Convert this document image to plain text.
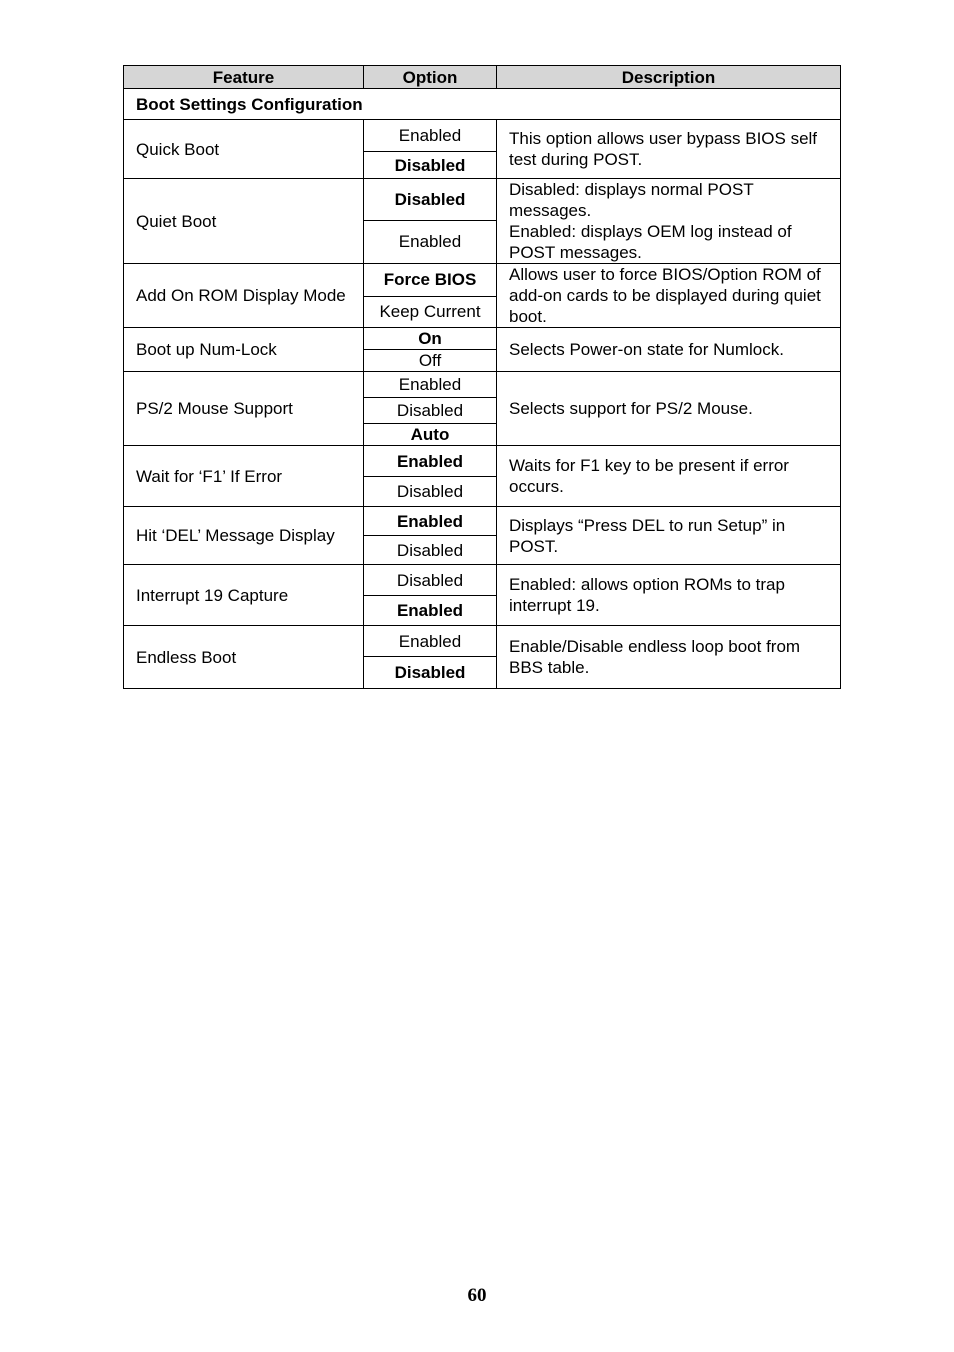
Feature	Option	Description
Boot Settings Configuration		
Quick Boot	Enabled	This option allows user bypass BIOS self test during POST.

	Disabled	
Quiet Boot	Disabled	Disabled: displays normal POST messages.
Enabled: displays OEM log instead of POST messages.

	Enabled	
Add On ROM Display Mode	Force BIOS	Allows user to force BIOS/Option ROM of add-on cards to be displayed during quiet boot.

	Keep Current	
Boot up Num-Lock	On	Selects Power-on state for Numlock.

	Off	
PS/2 Mouse Support	Enabled	Selects support for PS/2 Mouse.

	Disabled	
	Auto	
Wait for ‘F1’ If Error	Enabled	Waits for F1 key to be present if error occurs.

	Disabled	
Hit ‘DEL’ Message Display	Enabled	Displays “Press DEL to run Setup” in POST.

	Disabled	
Interrupt 19 Capture	Disabled	Enabled: allows option ROMs to trap interrupt 19.

	Enabled	
Endless Boot	Enabled	Enable/Disable endless loop boot from BBS table.

	Disabled	
60
